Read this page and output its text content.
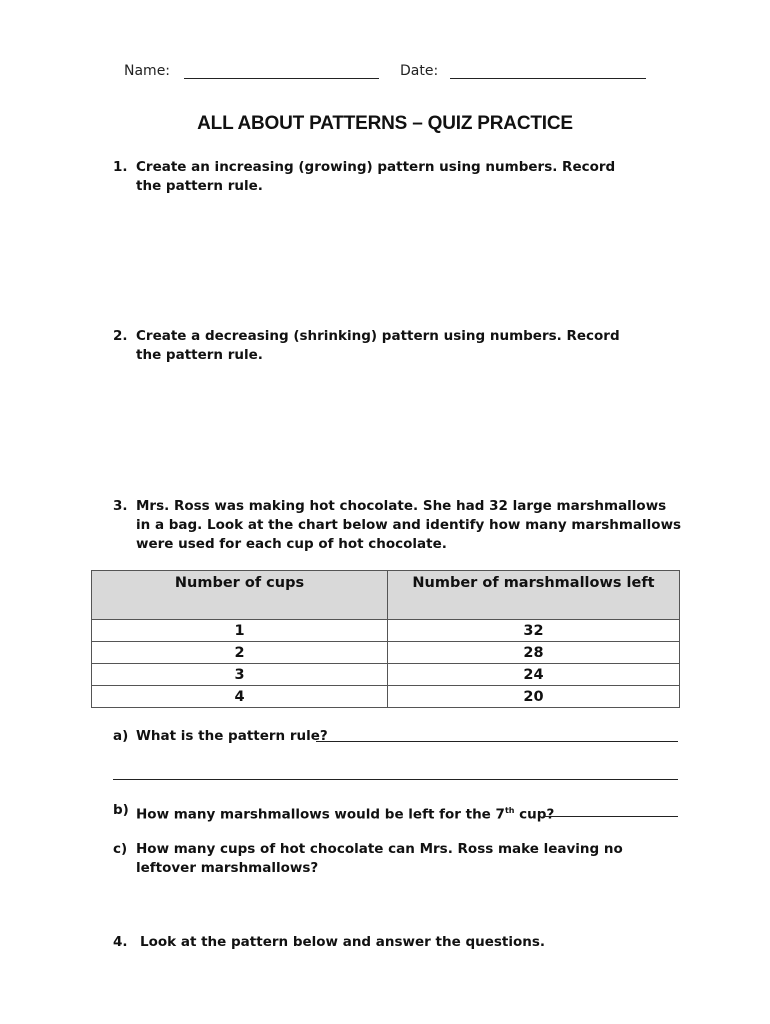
Name:	Date:
ALL ABOUT PATTERNS – QUIZ PRACTICE
1. Create an increasing (growing) pattern using numbers. Record the pattern rule.
2. Create a decreasing (shrinking) pattern using numbers. Record the pattern rule.
3. Mrs. Ross was making hot chocolate. She had 32 large marshmallows in a bag. Look at the chart below and identify how many marshmallows were used for each cup of hot chocolate.
Number of cups	Number of marshmallows left
1	32
2	28
3	24
4	20
a) What is the pattern rule?
b) How many marshmallows would be left for the 7th cup?
c) How many cups of hot chocolate can Mrs. Ross make leaving no leftover marshmallows?
4. Look at the pattern below and answer the questions.
